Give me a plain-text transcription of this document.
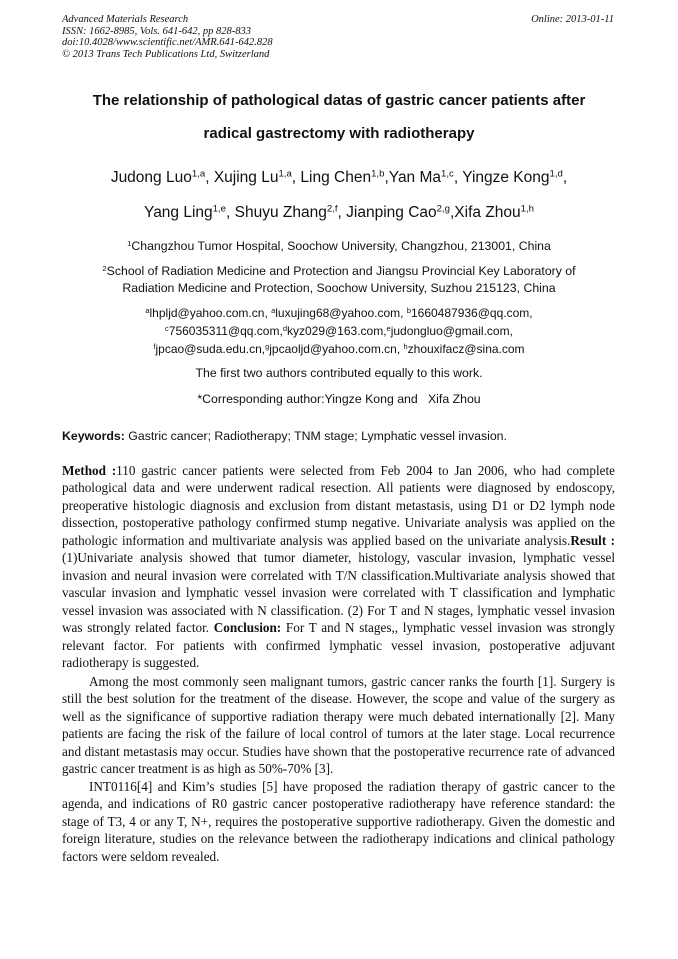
Advanced Materials Research
ISSN: 1662-8985, Vols. 641-642, pp 828-833
doi:10.4028/www.scientific.net/AMR.641-642.828
© 2013 Trans Tech Publications Ltd, Switzerland
Online: 2013-01-11
The relationship of pathological datas of gastric cancer patients after
radical gastrectomy with radiotherapy
Judong Luo$^{1,a}$, Xujing Lu$^{1,a}$, Ling Chen$^{1,b}$,Yan Ma$^{1,c}$, Yingze Kong$^{1,d}$,
Yang Ling$^{1,e}$, Shuyu Zhang$^{2,f}$, Jianping Cao$^{2,g}$,Xifa Zhou$^{1,h}$
$^1$Changzhou Tumor Hospital, Soochow University, Changzhou, 213001, China
$^2$School of Radiation Medicine and Protection and Jiangsu Provincial Key Laboratory of Radiation Medicine and Protection, Soochow University, Suzhou 215123, China
$^a$lhpljd@yahoo.com.cn, $^a$luxujing68@yahoo.com, $^b$1660487936@qq.com,
$^c$756035311@qq.com,$^d$kyz029@163.com,$^e$judongluo@gmail.com,
$^f$jpcao@suda.edu.cn,$^g$jpcaoljd@yahoo.com.cn, $^h$zhouxifacz@sina.com
The first two authors contributed equally to this work.
*Corresponding author:Yingze Kong and   Xifa Zhou
Keywords: Gastric cancer; Radiotherapy; TNM stage; Lymphatic vessel invasion.

Method :110 gastric cancer patients were selected from Feb 2004 to Jan 2006, who had complete pathological data and were underwent radical resection. All patients were diagnosed by endoscopy, preoperative histologic diagnosis and exclusion from distant metastasis, using D1 or D2 lymph node dissection, postoperative pathology confirmed stump negative. Univariate analysis was applied on the pathologic information and multivariate analysis was applied based on the univariate analysis.Result :(1)Univariate analysis showed that tumor diameter, histology, vascular invasion, lymphatic vessel invasion and neural invasion were correlated with T/N classification.Multivariate analysis showed that vascular invasion and lymphatic vessel invasion were correlated with T classification and lymphatic vessel invasion was associated with N classification. (2) For T and N stages, lymphatic vessel invasion was strongly related factor. Conclusion: For T and N stages,, lymphatic vessel invasion was strongly relevant factor. For patients with confirmed lymphatic vessel invasion, postoperative adjuvant radiotherapy is suggested.

Among the most commonly seen malignant tumors, gastric cancer ranks the fourth [1]. Surgery is still the best solution for the treatment of the disease. However, the scope and value of the surgery as well as the significance of supportive radiation therapy were much debated internationally [2]. Many patients are facing the risk of the failure of local control of tumors at the later stage. Local recurrence and distant metastasis may occur. Studies have shown that the postoperative recurrence rate of advanced gastric cancer treatment is as high as 50%-70% [3].

INT0116[4] and Kim’s studies [5] have proposed the radiation therapy of gastric cancer to the agenda, and indications of R0 gastric cancer postoperative radiotherapy have reference standard: the stage of T3, 4 or any T, N+, requires the postoperative supportive radiotherapy. Given the domestic and foreign literature, studies on the relevance between the radiotherapy indications and clinical pathology factors were seldom revealed.
